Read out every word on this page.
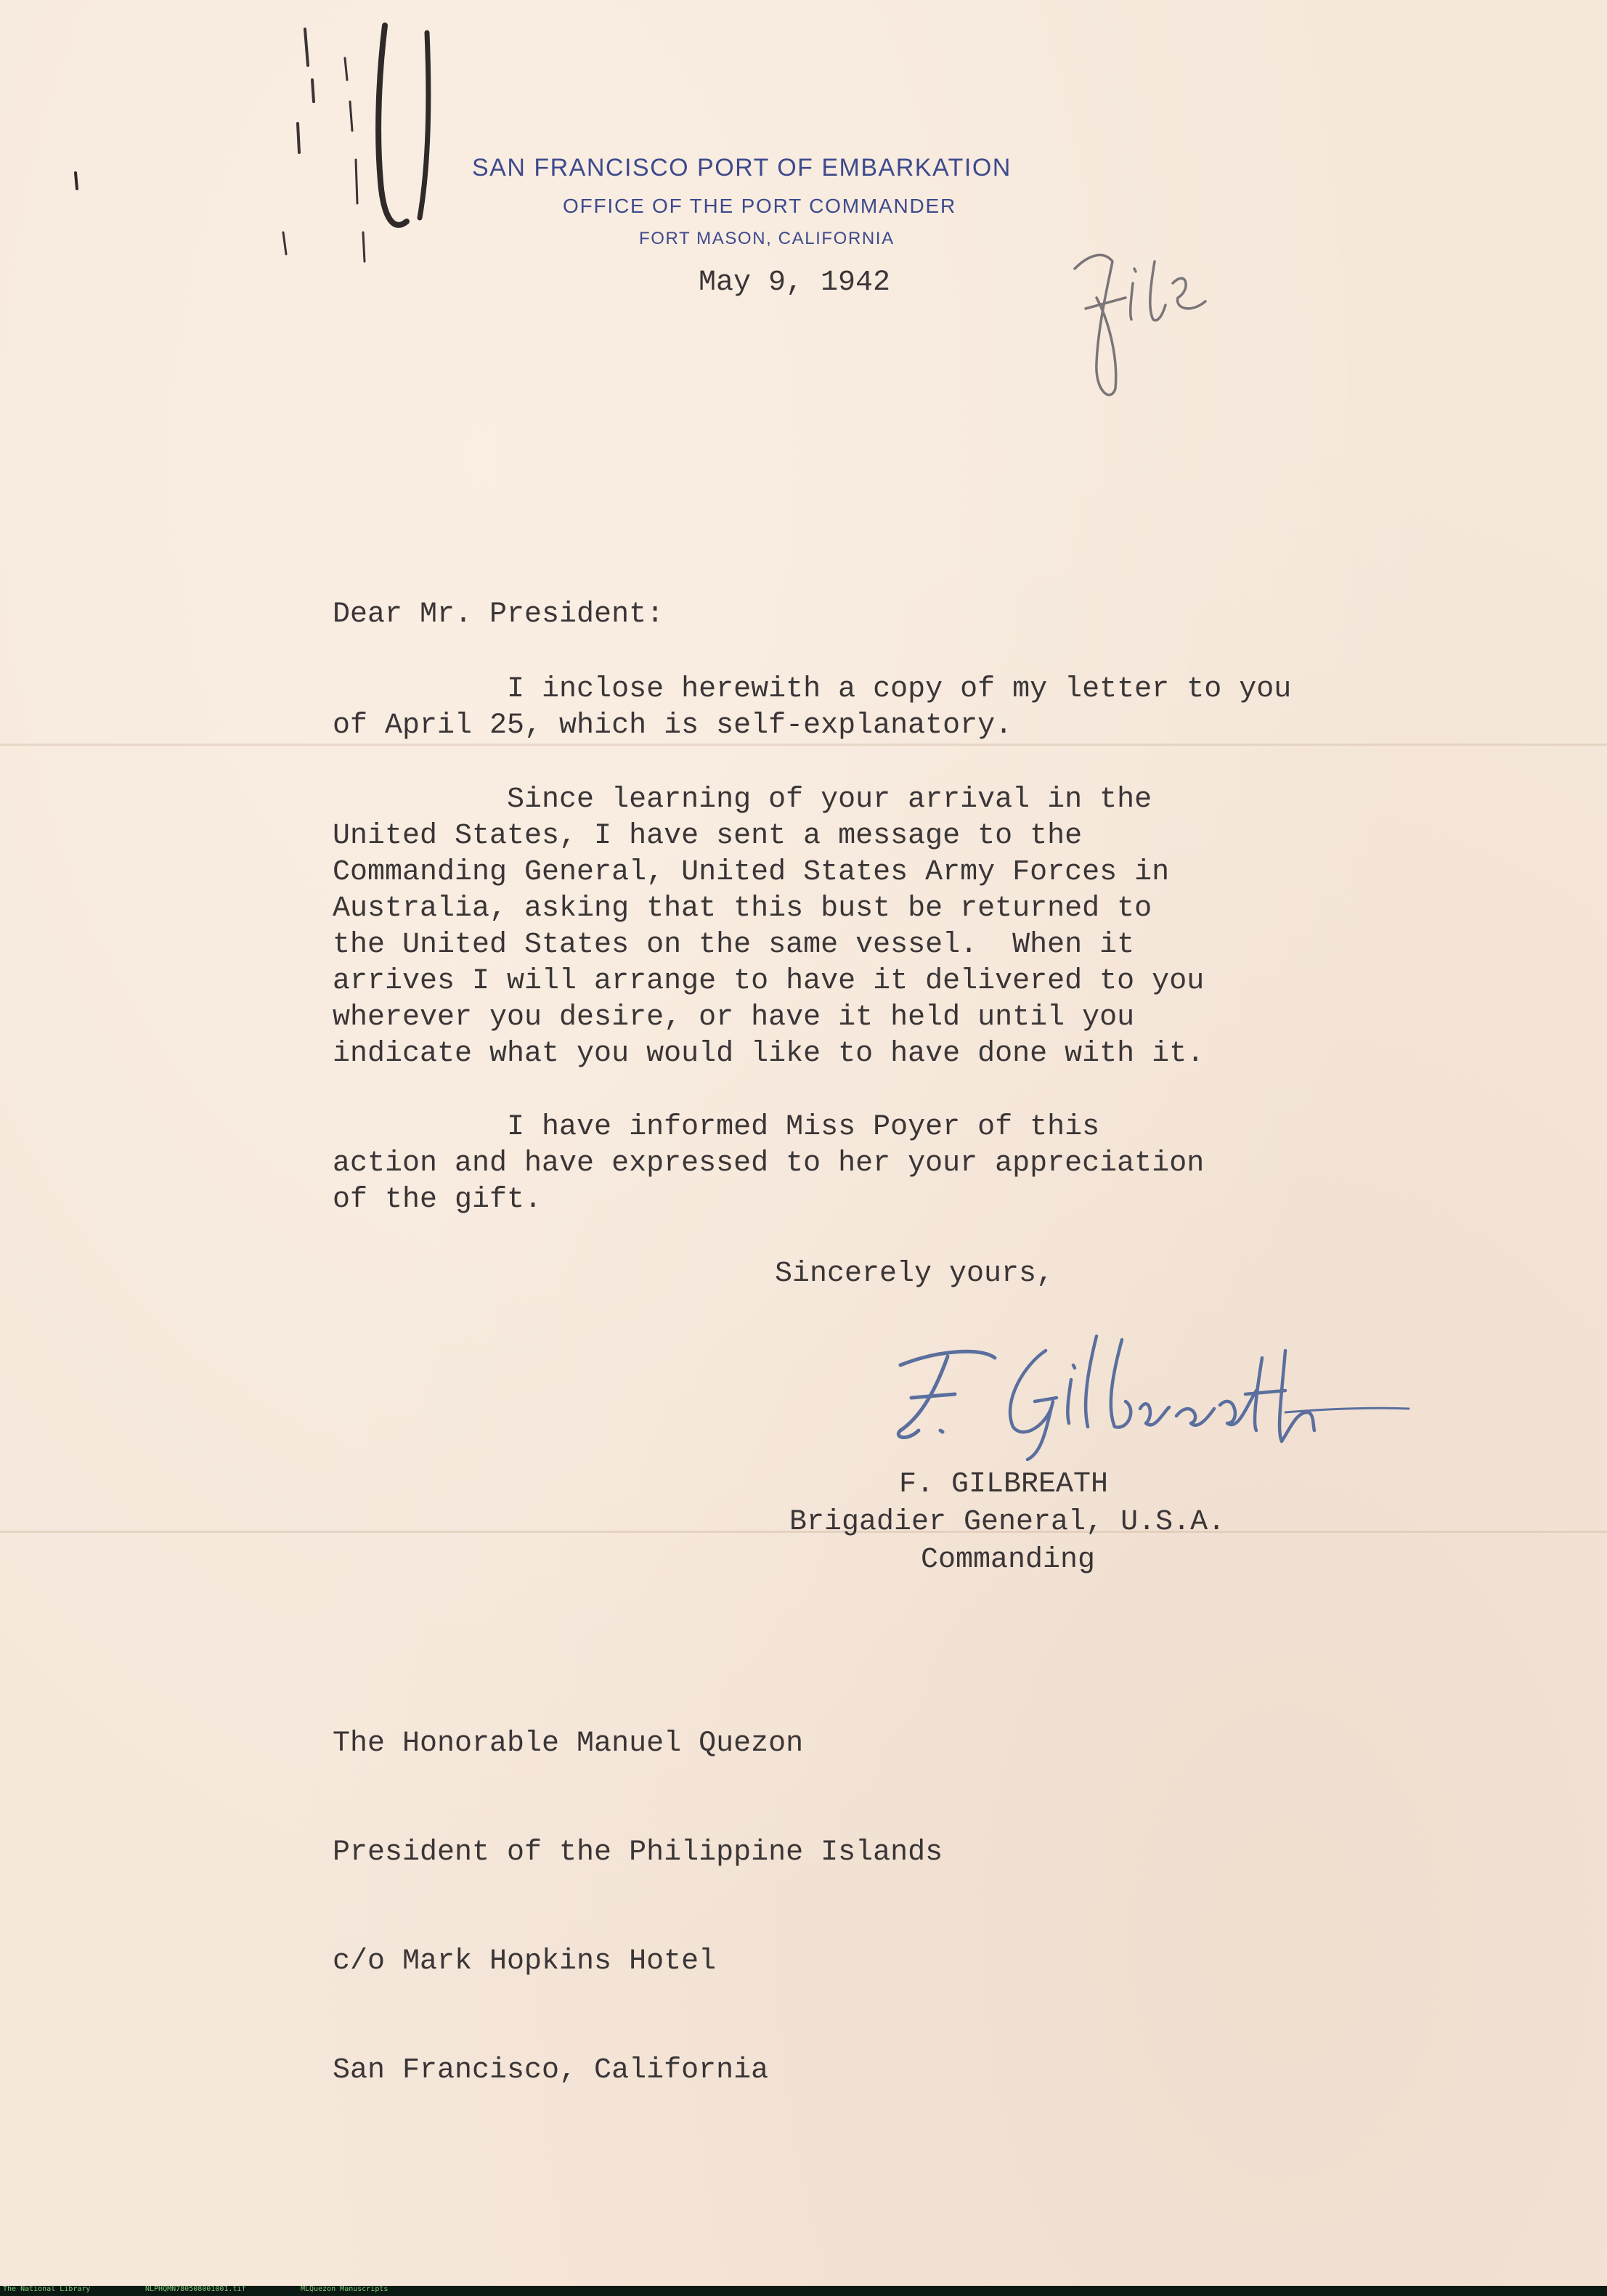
SAN FRANCISCO PORT OF EMBARKATION
OFFICE OF THE PORT COMMANDER
FORT MASON, CALIFORNIA
May 9, 1942
Dear Mr. President:
I inclose herewith a copy of my letter to you
of April 25, which is self-explanatory.
Since learning of your arrival in the
United States, I have sent a message to the
Commanding General, United States Army Forces in
Australia, asking that this bust be returned to
the United States on the same vessel.  When it
arrives I will arrange to have it delivered to you
wherever you desire, or have it held until you
indicate what you would like to have done with it.
I have informed Miss Poyer of this
action and have expressed to her your appreciation
of the gift.
Sincerely yours,
F. GILBREATH
Brigadier General, U.S.A.
Commanding

The Honorable Manuel Quezon

President of the Philippine Islands

c/o Mark Hopkins Hotel

San Francisco, California

The National Library	NLPHQMN780508001001.tif	MLQuezon Manuscripts
